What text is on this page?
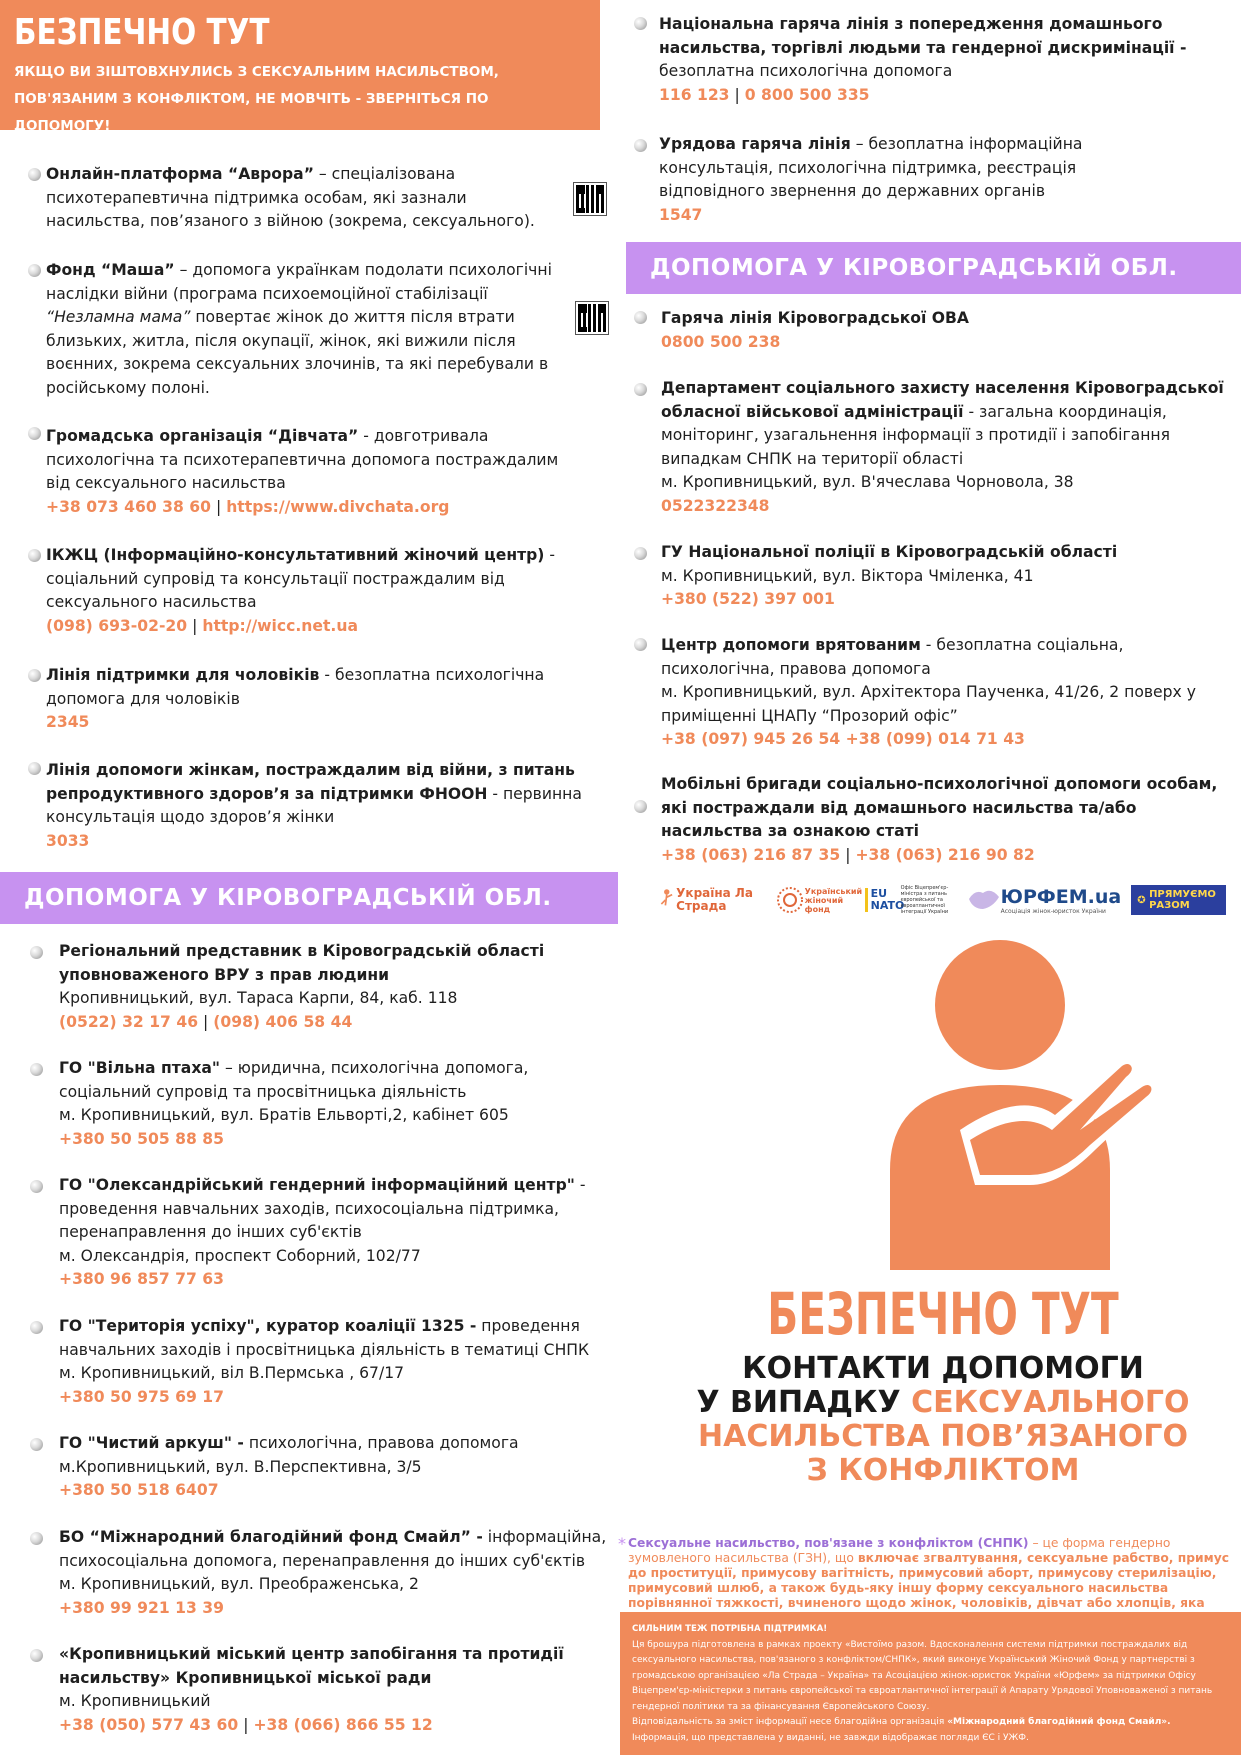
БЕЗПЕЧНО ТУТ

ЯКЩО ВИ ЗІШТОВХНУЛИСЬ З СЕКСУАЛЬНИМ НАСИЛЬСТВОМ,
ПОВ'ЯЗАНИМ З КОНФЛІКТОМ, НЕ МОВЧІТЬ - ЗВЕРНІТЬСЯ ПО ДОПОМОГУ!

Онлайн-платформа “Аврора” – спеціалізована психотерапевтична підтримка особам, які зазнали насильства, пов’язаного з війною (зокрема, сексуального).
Фонд “Маша” – допомога українкам подолати психологічні наслідки війни (програма психоемоційної стабілізації “Незламна мама” повертає жінок до життя після втрати близьких, житла, після окупації, жінок, які вижили після воєнних, зокрема сексуальних злочинів, та які перебували в російському полоні.
Громадська організація “Дівчата” - довготривала психологічна та психотерапевтична допомога постраждалим від сексуального насильства
+38 073 460 38 60 | https://www.divchata.org
ІКЖЦ (Інформаційно-консультативний жіночий центр) - соціальний супровід та консультації постраждалим від сексуального насильства
(098) 693-02-20 | http://wicc.net.ua
Лінія підтримки для чоловіків - безоплатна психологічна допомога для чоловіків
2345
Лінія допомоги жінкам, постраждалим від війни, з питань репродуктивного здоров’я за підтримки ФНООН - первинна консультація щодо здоров’я жінки
3033
ДОПОМОГА У КІРОВОГРАДСЬКІЙ ОБЛ.
Регіональний представник в Кіровоградській області уповноваженого ВРУ з прав людини
Кропивницький, вул. Тараса Карпи, 84, каб. 118
(0522) 32 17 46 | (098) 406 58 44
ГО "Вільна птаха" – юридична, психологічна допомога, соціальний супровід та просвітницька діяльність
м. Кропивницький, вул. Братів Ельворті,2, кабінет 605
+380 50 505 88 85
ГО "Олександрійський гендерний інформаційний центр" - проведення навчальних заходів, психосоціальна підтримка, перенаправлення до інших суб'єктів
м. Олександрія, проспект Соборний, 102/77
+380 96 857 77 63
ГО "Територія успіху", куратор коаліції 1325 - проведення навчальних заходів і просвітницька діяльність в тематиці СНПК
м. Кропивницький, віл В.Пермська , 67/17
+380 50 975 69 17
ГО "Чистий аркуш" - психологічна, правова допомога
м.Кропивницький, вул. В.Перспективна, 3/5
+380 50 518 6407
БО “Міжнародний благодійний фонд Смайл” - інформаційна, психосоціальна допомога, перенаправлення до інших суб'єктів
м. Кропивницький, вул. Преображенська, 2
+380 99 921 13 39
«Кропивницький міський центр запобігання та протидії насильству» Кропивницької міської ради
м. Кропивницький
+38 (050) 577 43 60 | +38 (066) 866 55 12
Національна гаряча лінія з попередження домашнього насильства, торгівлі людьми та гендерної дискримінації -
безоплатна психологічна допомога
116 123 | 0 800 500 335
Урядова гаряча лінія – безоплатна інформаційна консультація, психологічна підтримка, реєстрація відповідного звернення до державних органів
1547
ДОПОМОГА У КІРОВОГРАДСЬКІЙ ОБЛ.
Гаряча лінія Кіровоградської ОВА
0800 500 238
Департамент соціального захисту населення Кіровоградської обласної військової адміністрації - загальна координація, моніторинг, узагальнення інформації з протидії і запобігання випадкам СНПК на території області
м. Кропивницький, вул. В'ячеслава Чорновола, 38
0522322348
ГУ Національної поліції в Кіровоградській області
м. Кропивницький, вул. Віктора Чміленка, 41
+380 (522) 397 001
Центр допомоги врятованим - безоплатна соціальна, психологічна, правова допомога
м. Кропивницький, вул. Архітектора Паученка, 41/26, 2 поверх у приміщенні ЦНАПу “Прозорий офіс”
+38 (097) 945 26 54 +38 (099) 014 71 43
Мобільні бригади соціально-психологічної допомоги особам, які постраждали від домашнього насильства та/або насильства за ознакою статі
+38 (063) 216 87 35 | +38 (063) 216 90 82
Україна Ла Страда
Український жіночий фонд
EU NATO
Офіс Віцепрем'єр-міністра з питань європейської та євроатлантичної інтеграції України
ЮРФЕМ.ua
Асоціація жінок-юристок України
✪
ПРЯМУЄМО РАЗОМ
БЕЗПЕЧНО ТУТ
КОНТАКТИ ДОПОМОГИ
У ВИПАДКУ СЕКСУАЛЬНОГО
НАСИЛЬСТВА ПОВ’ЯЗАНОГО
З КОНФЛІКТОМ
* Сексуальне насильство, пов'язане з конфліктом (СНПК) – це форма гендерно зумовленого насильства (ГЗН), що включає згвалтування, сексуальне рабство, примус до проституції, примусову вагітність, примусовий аборт, примусову стерилізацію, примусовий шлюб, а також будь-яку іншу форму сексуального насильства порівнянної тяжкості, вчиненого щодо жінок, чоловіків, дівчат або хлопців, яка
СИЛЬНИМ ТЕЖ ПОТРІБНА ПІДТРИМКА!
Ця брошура підготовлена в рамках проекту «Вистоїмо разом. Вдосконалення системи підтримки постраждалих від сексуального насильства, пов'язаного з конфліктом/СНПК», який виконує Український Жіночий Фонд у партнерстві з громадською організацією «Ла Страда – Україна» та Асоціацією жінок-юристок України «Юрфем» за підтримки Офісу Віцепрем'єр-міністерки з питань європейської та євроатлантичної інтеграції й Апарату Урядової Уповноваженої з питань гендерної політики та за фінансування Європейського Союзу.
Відповідальність за зміст інформації несе благодійна організація «Міжнародний благодійний фонд Смайл».
Інформація, що представлена у виданні, не завжди відображає погляди ЄС і УЖФ.
